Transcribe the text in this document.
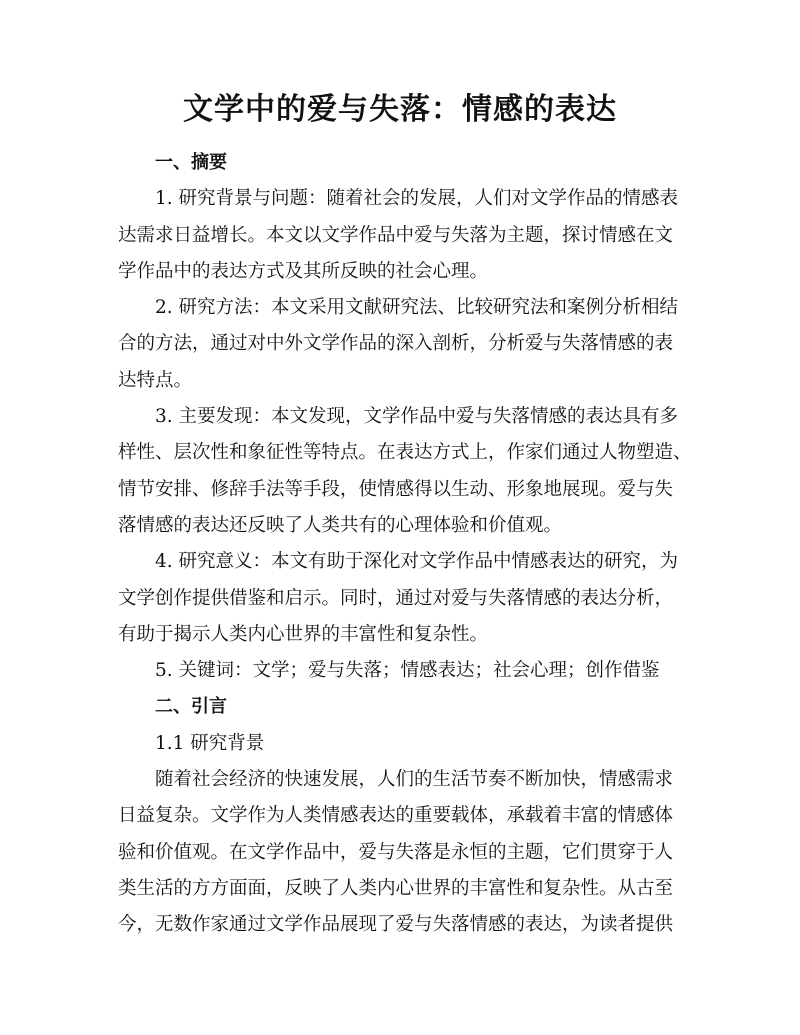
文学中的爱与失落：情感的表达
一、摘要
1. 研究背景与问题：随着社会的发展，人们对文学作品的情感表
达需求日益增长。本文以文学作品中爱与失落为主题，探讨情感在文
学作品中的表达方式及其所反映的社会心理。
2. 研究方法：本文采用文献研究法、比较研究法和案例分析相结
合的方法，通过对中外文学作品的深入剖析，分析爱与失落情感的表
达特点。
3. 主要发现：本文发现，文学作品中爱与失落情感的表达具有多
样性、层次性和象征性等特点。在表达方式上，作家们通过人物塑造、
情节安排、修辞手法等手段，使情感得以生动、形象地展现。爱与失
落情感的表达还反映了人类共有的心理体验和价值观。
4. 研究意义：本文有助于深化对文学作品中情感表达的研究，为
文学创作提供借鉴和启示。同时，通过对爱与失落情感的表达分析，
有助于揭示人类内心世界的丰富性和复杂性。
5. 关键词：文学；爱与失落；情感表达；社会心理；创作借鉴
二、引言
1.1 研究背景
随着社会经济的快速发展，人们的生活节奏不断加快，情感需求
日益复杂。文学作为人类情感表达的重要载体，承载着丰富的情感体
验和价值观。在文学作品中，爱与失落是永恒的主题，它们贯穿于人
类生活的方方面面，反映了人类内心世界的丰富性和复杂性。从古至
今，无数作家通过文学作品展现了爱与失落情感的表达，为读者提供
